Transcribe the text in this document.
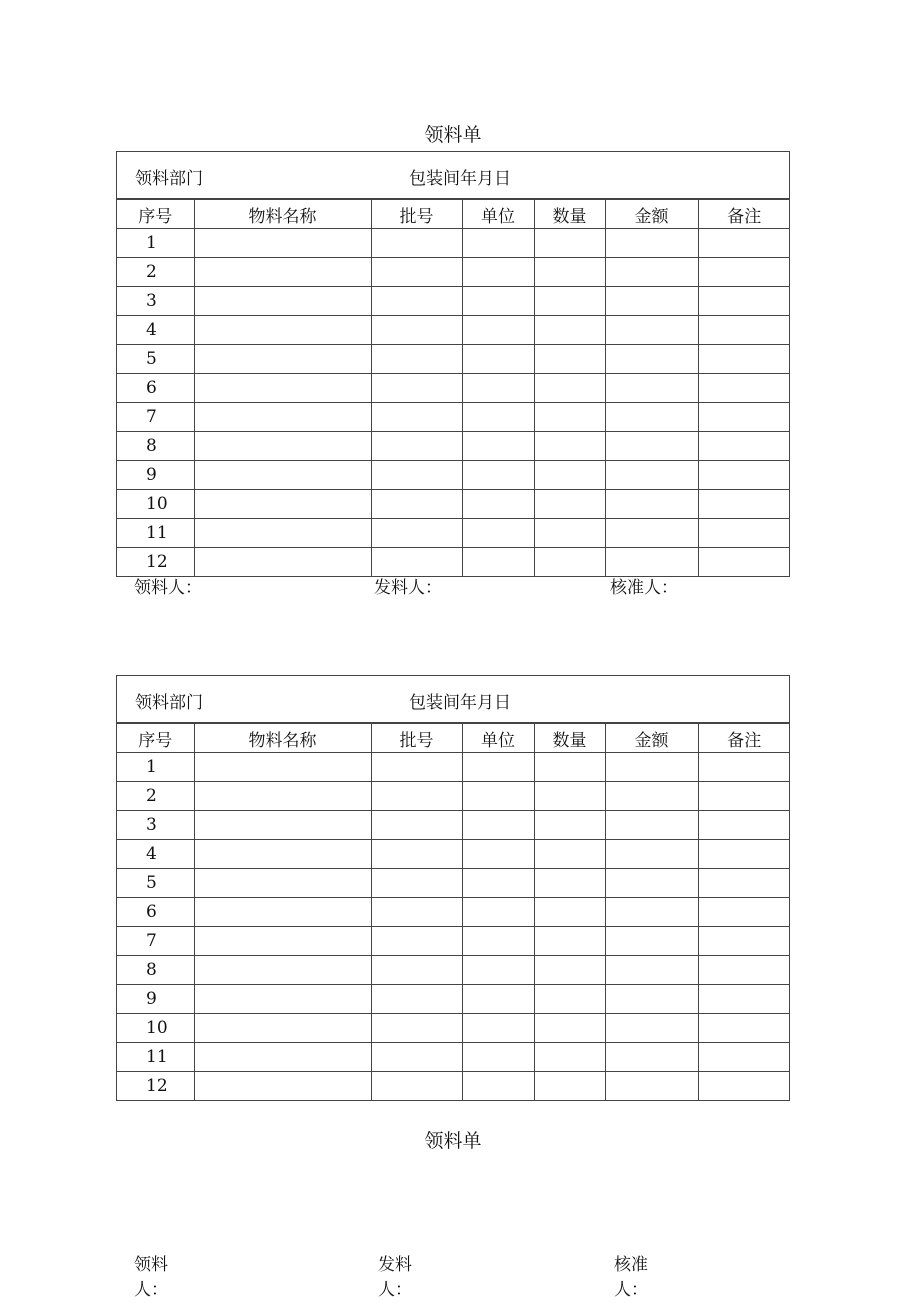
领料单
领料部门	包装间年月日
序号	物料名称	批号	单位	数量	金额	备注
1						
2						
3						
4						
5						
6						
7						
8						
9						
10						
11						
12						
领料人：	发料人：	核准人：
领料部门	包装间年月日
序号	物料名称	批号	单位	数量	金额	备注
1						
2						
3						
4						
5						
6						
7						
8						
9						
10						
11						
12						
领料单
领料
人：
发料
人：
核准
人：
